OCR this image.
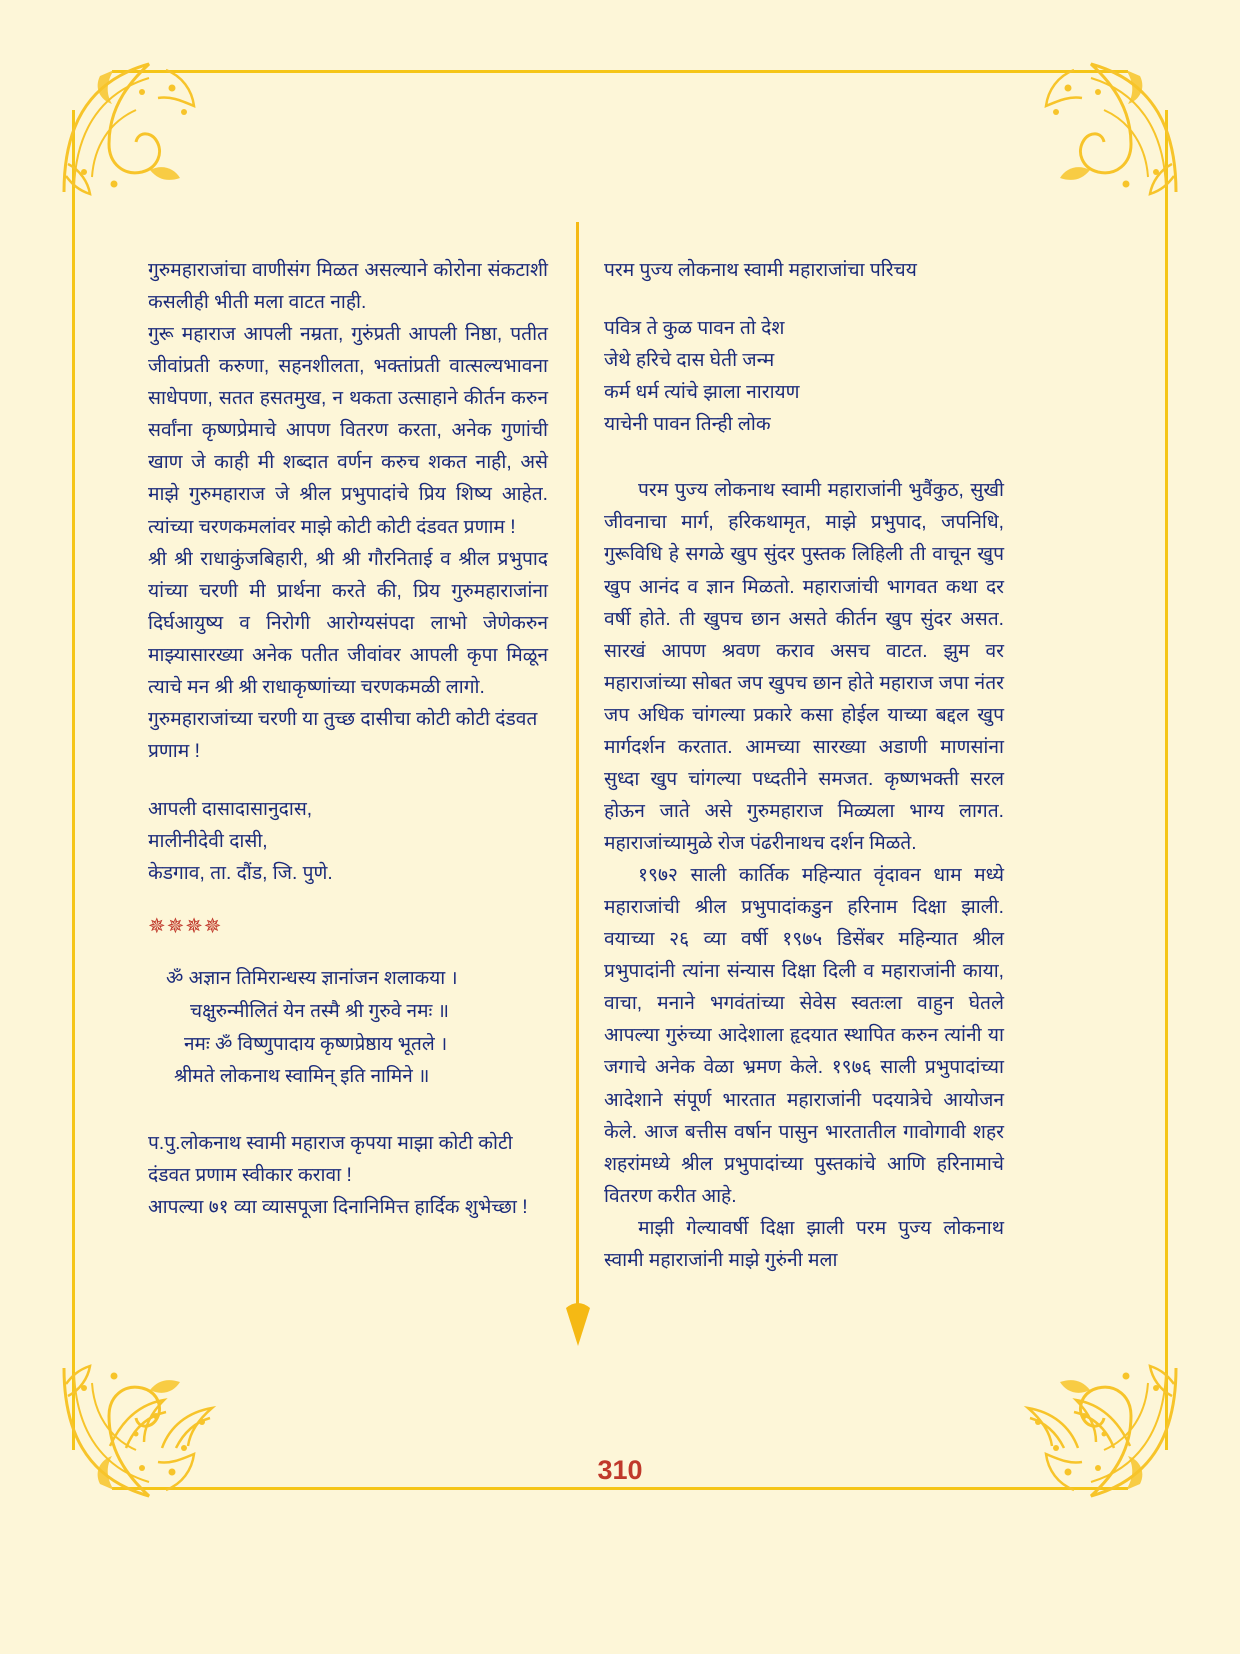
गुरुमहाराजांचा वाणीसंग मिळत असल्याने कोरोना संकटाशी कसलीही भीती मला वाटत नाही.

गुरू महाराज आपली नम्रता, गुरुंप्रती आपली निष्ठा, पतीत जीवांप्रती करुणा, सहनशीलता, भक्तांप्रती वात्सल्यभावना साधेपणा, सतत हसतमुख, न थकता उत्साहाने कीर्तन करुन सर्वांना कृष्णप्रेमाचे आपण वितरण करता, अनेक गुणांची खाण जे काही मी शब्दात वर्णन करुच शकत नाही, असे माझे गुरुमहाराज जे श्रील प्रभुपादांचे प्रिय शिष्य आहेत. त्यांच्या चरणकमलांवर माझे कोटी कोटी दंडवत प्रणाम !

श्री श्री राधाकुंजबिहारी, श्री श्री गौरनिताई व श्रील प्रभुपाद यांच्या चरणी मी प्रार्थना करते की, प्रिय गुरुमहाराजांना दिर्घआयुष्य व निरोगी आरोग्यसंपदा लाभो जेणेकरुन माझ्यासारख्या अनेक पतीत जीवांवर आपली कृपा मिळून त्याचे मन श्री श्री राधाकृष्णांच्या चरणकमळी लागो.

गुरुमहाराजांच्या चरणी या तुच्छ दासीचा कोटी कोटी दंडवत प्रणाम !

आपली दासादासानुदास,

मालीनीदेवी दासी,

केडगाव, ता. दौंड, जि. पुणे.

✵✵✵✵

ॐ अज्ञान तिमिरान्धस्य ज्ञानांजन शलाकया ।
चक्षुरुन्मीलितं येन तस्मै श्री गुरुवे नमः ॥
नमः ॐ विष्णुपादाय कृष्णप्रेष्ठाय भूतले ।
श्रीमते लोकनाथ स्वामिन् इति नामिने ॥

प.पु.लोकनाथ स्वामी महाराज कृपया माझा कोटी कोटी दंडवत प्रणाम स्वीकार करावा !

आपल्या ७१ व्या व्यासपूजा दिनानिमित्त हार्दिक शुभेच्छा !

परम पुज्य लोकनाथ स्वामी महाराजांचा परिचय

पवित्र ते कुळ पावन तो देश

जेथे हरिचे दास घेती जन्म

कर्म धर्म त्यांचे झाला नारायण

याचेनी पावन तिन्ही लोक

परम पुज्य लोकनाथ स्वामी महाराजांनी भुवैंकुठ, सुखी जीवनाचा मार्ग, हरिकथामृत, माझे प्रभुपाद, जपनिधि, गुरूविधि हे सगळे खुप सुंदर पुस्तक लिहिली ती वाचून खुप खुप आनंद व ज्ञान मिळतो. महाराजांची भागवत कथा दर वर्षी होते. ती खुपच छान असते कीर्तन खुप सुंदर असत. सारखं आपण श्रवण कराव असच वाटत. झुम वर महाराजांच्या सोबत जप खुपच छान होते महाराज जपा नंतर जप अधिक चांगल्या प्रकारे कसा होईल याच्या बद्दल खुप मार्गदर्शन करतात. आमच्या सारख्या अडाणी माणसांना सुध्दा खुप चांगल्या पध्दतीने समजत. कृष्णभक्ती सरल होऊन जाते असे गुरुमहाराज मिळ्यला भाग्य लागत. महाराजांच्यामुळे रोज पंढरीनाथच दर्शन मिळते.

१९७२ साली कार्तिक महिन्यात वृंदावन धाम मध्ये महाराजांची श्रील प्रभुपादांकडुन हरिनाम दिक्षा झाली. वयाच्या २६ व्या वर्षी १९७५ डिसेंबर महिन्यात श्रील प्रभुपादांनी त्यांना संन्यास दिक्षा दिली व महाराजांनी काया, वाचा, मनाने भगवंतांच्या सेवेस स्वतःला वाहुन घेतले आपल्या गुरुंच्या आदेशाला हृदयात स्थापित करुन त्यांनी या जगाचे अनेक वेळा भ्रमण केले. १९७६ साली प्रभुपादांच्या आदेशाने संपूर्ण भारतात महाराजांनी पदयात्रेचे आयोजन केले. आज बत्तीस वर्षान पासुन भारतातील गावोगावी शहर शहरांमध्ये श्रील प्रभुपादांच्या पुस्तकांचे आणि हरिनामाचे वितरण करीत आहे.

माझी गेल्यावर्षी दिक्षा झाली परम पुज्य लोकनाथ स्वामी महाराजांनी माझे गुरुंनी मला

310
